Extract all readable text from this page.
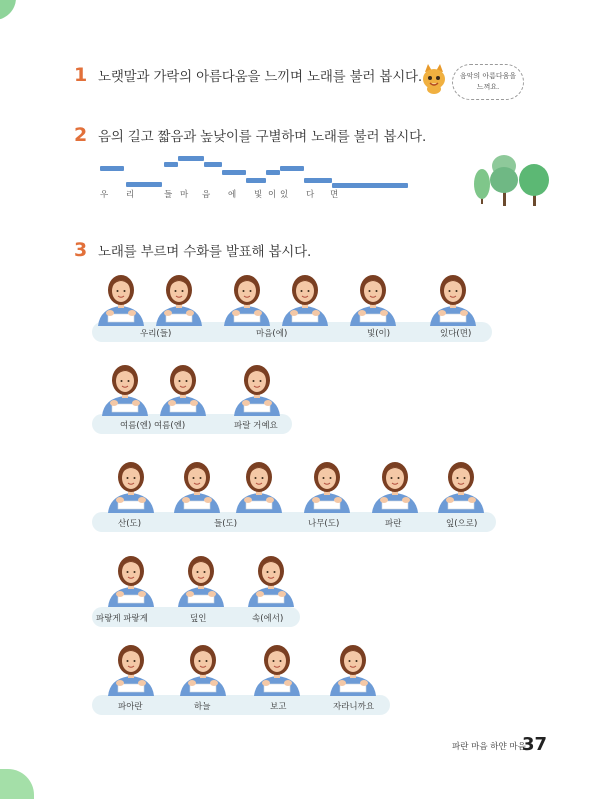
1 노랫말과 가락의 아름다움을 느끼며 노래를 불러 봅시다.	음악의 아름다움을
느껴요.
2 음의 길고 짧음과 높낮이를 구별하며 노래를 불러 봅시다.
우 리	들 마 음 에 빛 이 있 다 면
3 노래를 부르며 수화를 발표해 봅시다.
우리(들)	마음(에)	빛(이)	있다(면)
여름(엔) 여름(엔)	파랄 거예요
산(도)	들(도)	나무(도)	파란	잎(으로)
파랗게 파랗게	덮인	속(에서)
파아란	하늘	보고	자라니까요
파란 마음 하얀 마음
37
